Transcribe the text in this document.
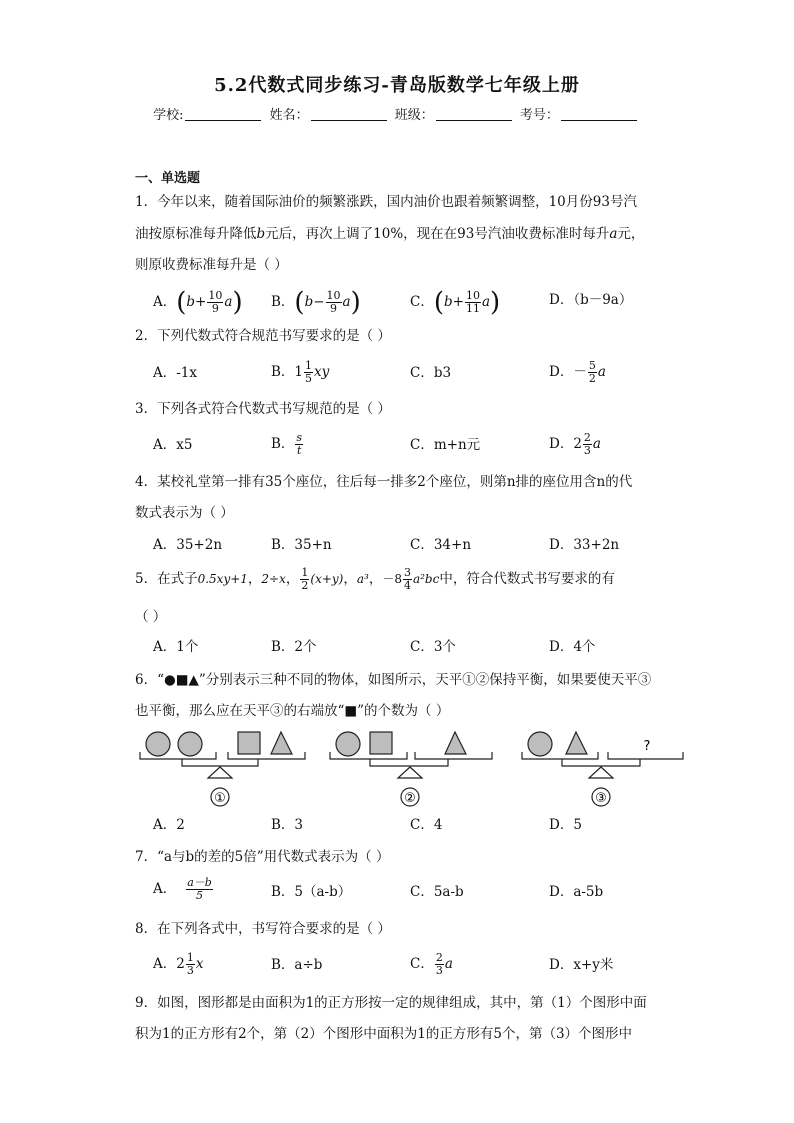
5.2代数式同步练习-青岛版数学七年级上册
学校:	姓名：	班级：	考号：
一、单选题
1．今年以来，随着国际油价的频繁涨跌，国内油价也跟着频繁调整，10月份93号汽
油按原标准每升降低b元后，再次上调了10%，现在在93号汽油收费标准时每升a元，
则原收费标准每升是（ ）
A．$(b+ \frac{10}{9} a)$ B．$(b- \frac{10}{9} a)$	C．$(b+ \frac{10}{11} a)$	D．（b－9a）
2．下列代数式符合规范书写要求的是（ ）
A．-1x	B．$1 \frac{1}{5}$ xy	C．b3	D．－ $\frac{5}{2}$ a
3．下列各式符合代数式书写规范的是（ ）
A．x5	B． $\frac{s}{t}$	C．m+n元	D．$2 \frac{2}{3}$ a
4．某校礼堂第一排有35个座位，往后每一排多2个座位，则第n排的座位用含n的代
数式表示为（ ）
A．35+2n	B．35+n	C．34+n	D．33+2n
5．在式子0.5xy+1，2÷x， $\frac{1}{2} (x+y)$，a³，$-8 \frac{3}{4} a^2bc$中，符合代数式书写要求的有
（ ）
A．1个	B．2个	C．3个	D．4个
6．“●■▲”分别表示三种不同的物体，如图所示，天平①②保持平衡，如果要使天平③
也平衡，那么应在天平③的右端放“■”的个数为（ ）
①	②	③
?
A．2	B．3	C．4	D．5
7．“a与b的差的5倍”用代数式表示为（ ）
A． $\frac{a-b}{5}$	B．5（a-b）	C．5a-b	D．a-5b
8．在下列各式中，书写符合要求的是（ ）
A．$2 \frac{1}{3}$ x	B．a÷b	C． $\frac{2}{3}$ a	D．x+y米
9．如图，图形都是由面积为1的正方形按一定的规律组成，其中，第（1）个图形中面
积为1的正方形有2个，第（2）个图形中面积为1的正方形有5个，第（3）个图形中
